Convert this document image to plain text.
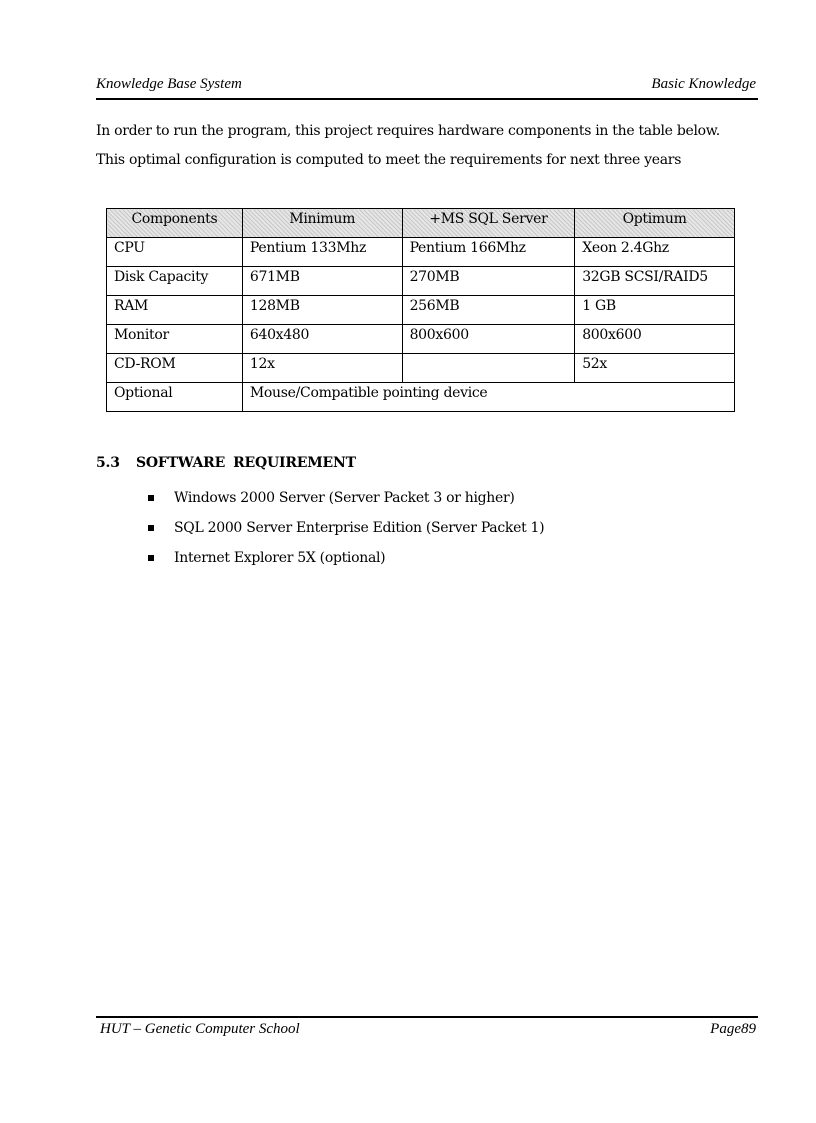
Knowledge Base System	Basic Knowledge

In order to run the program, this project requires hardware components in the table below.

This optimal configuration is computed to meet the requirements for next three years

Components	Minimum	+MS SQL Server	Optimum
CPU	Pentium 133Mhz	Pentium 166Mhz	Xeon 2.4Ghz
Disk Capacity	671MB	270MB	32GB SCSI/RAID5
RAM	128MB	256MB	1 GB
Monitor	640x480	800x600	800x600
CD-ROM	12x		52x
Optional	Mouse/Compatible pointing device		
5.3 SOFTWARE REQUIREMENT
Windows 2000 Server (Server Packet 3 or higher)
SQL 2000 Server Enterprise Edition (Server Packet 1)
Internet Explorer 5X (optional)
HUT – Genetic Computer School	Page89
